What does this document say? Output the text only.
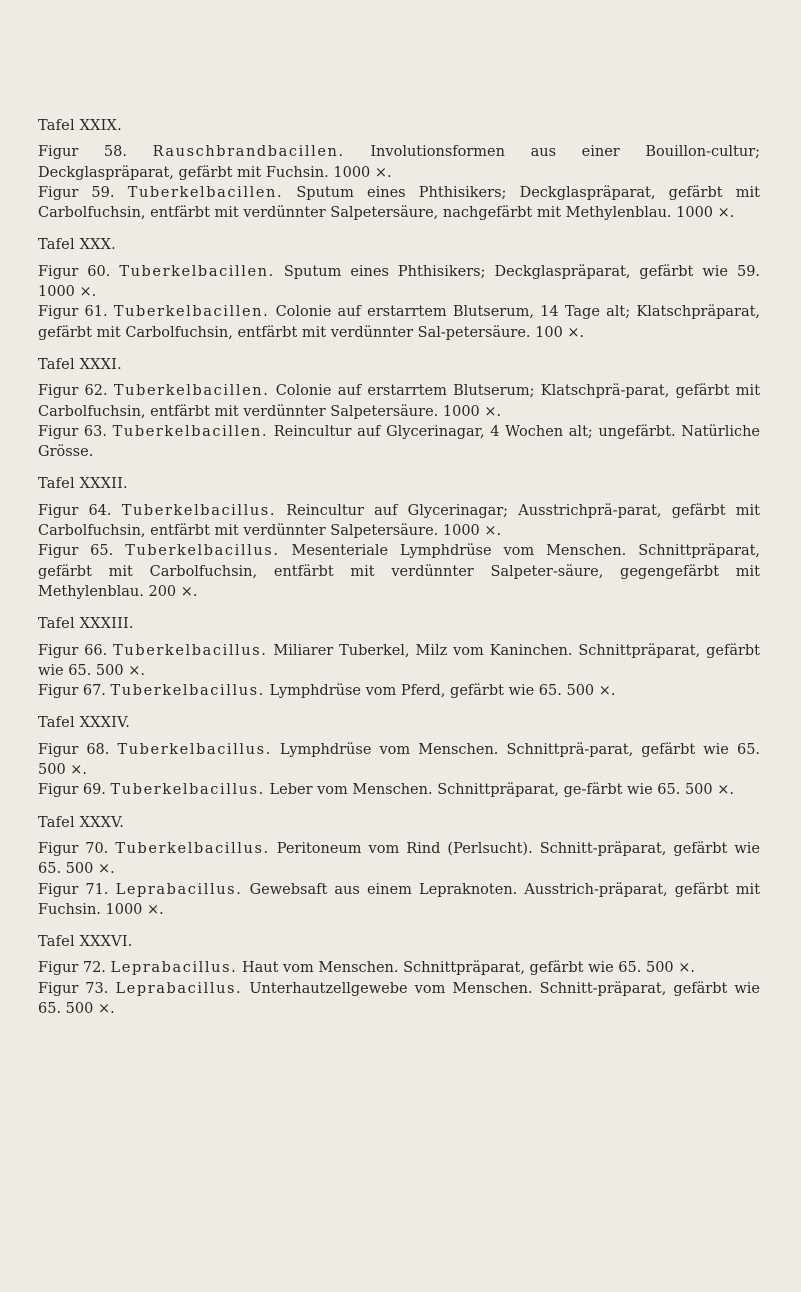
Tafel XXIX.

Figur 58. Rauschbrandbacillen. Involutionsformen aus einer Bouillon-cultur; Deckglaspräparat, gefärbt mit Fuchsin. 1000 ×.

Figur 59. Tuberkelbacillen. Sputum eines Phthisikers; Deckglaspräparat, gefärbt mit Carbolfuchsin, entfärbt mit verdünnter Salpetersäure, nachgefärbt mit Methylenblau. 1000 ×.

Tafel XXX.

Figur 60. Tuberkelbacillen. Sputum eines Phthisikers; Deckglaspräparat, gefärbt wie 59. 1000 ×.

Figur 61. Tuberkelbacillen. Colonie auf erstarrtem Blutserum, 14 Tage alt; Klatschpräparat, gefärbt mit Carbolfuchsin, entfärbt mit verdünnter Sal-petersäure. 100 ×.

Tafel XXXI.

Figur 62. Tuberkelbacillen. Colonie auf erstarrtem Blutserum; Klatschprä-parat, gefärbt mit Carbolfuchsin, entfärbt mit verdünnter Salpetersäure. 1000 ×.

Figur 63. Tuberkelbacillen. Reincultur auf Glycerinagar, 4 Wochen alt; ungefärbt. Natürliche Grösse.

Tafel XXXII.

Figur 64. Tuberkelbacillus. Reincultur auf Glycerinagar; Ausstrichprä-parat, gefärbt mit Carbolfuchsin, entfärbt mit verdünnter Salpetersäure. 1000 ×.

Figur 65. Tuberkelbacillus. Mesenteriale Lymphdrüse vom Menschen. Schnittpräparat, gefärbt mit Carbolfuchsin, entfärbt mit verdünnter Salpeter-säure, gegengefärbt mit Methylenblau. 200 ×.

Tafel XXXIII.

Figur 66. Tuberkelbacillus. Miliarer Tuberkel, Milz vom Kaninchen. Schnittpräparat, gefärbt wie 65. 500 ×.

Figur 67. Tuberkelbacillus. Lymphdrüse vom Pferd, gefärbt wie 65. 500 ×.

Tafel XXXIV.

Figur 68. Tuberkelbacillus. Lymphdrüse vom Menschen. Schnittprä-parat, gefärbt wie 65. 500 ×.

Figur 69. Tuberkelbacillus. Leber vom Menschen. Schnittpräparat, ge-färbt wie 65. 500 ×.

Tafel XXXV.

Figur 70. Tuberkelbacillus. Peritoneum vom Rind (Perlsucht). Schnitt-präparat, gefärbt wie 65. 500 ×.

Figur 71. Leprabacillus. Gewebsaft aus einem Lepraknoten. Ausstrich-präparat, gefärbt mit Fuchsin. 1000 ×.

Tafel XXXVI.

Figur 72. Leprabacillus. Haut vom Menschen. Schnittpräparat, gefärbt wie 65. 500 ×.

Figur 73. Leprabacillus. Unterhautzellgewebe vom Menschen. Schnitt-präparat, gefärbt wie 65. 500 ×.
